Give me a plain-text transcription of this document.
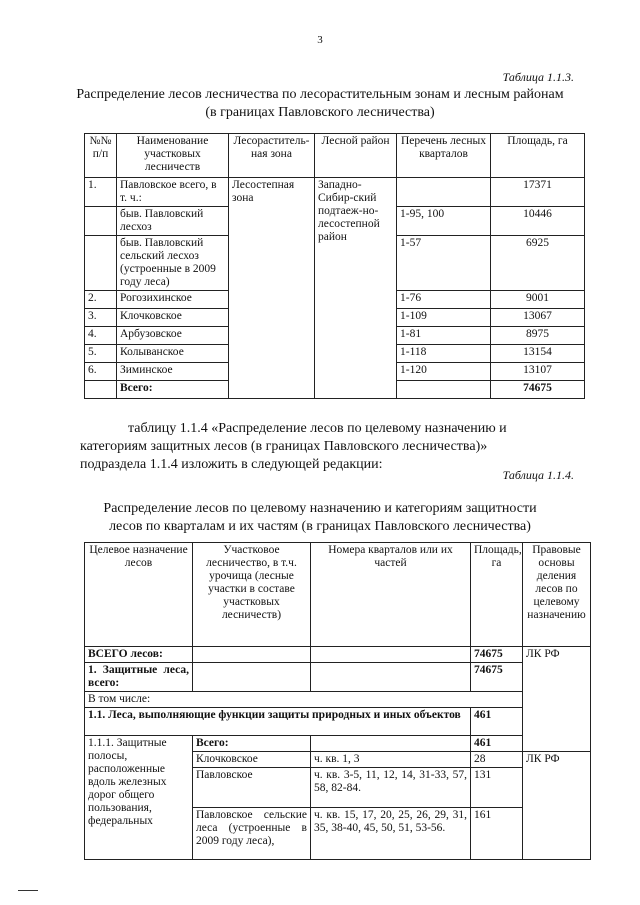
3
Таблица 1.1.3.
Распределение лесов лесничества по лесорастительным зонам и лесным районам
(в границах Павловского лесничества)
№№ п/п	Наименование участковых лесничеств	Лесораститель-ная зона	Лесной район	Перечень лесных кварталов	Площадь, га
1.	Павловское всего, в т. ч.:	Лесостепная зона	Западно-Сибир-ский подтаеж-но-лесостепной район		17371
	быв. Павловский лесхоз			1-95, 100	10446
	быв. Павловский сельский лесхоз (устроенные в 2009 году леса)			1-57	6925
2.	Рогозихинское			1-76	9001
3.	Клочковское			1-109	13067
4.	Арбузовское			1-81	8975
5.	Колыванское			1-118	13154
6.	Зиминское			1-120	13107
	Всего:				74675
таблицу 1.1.4 «Распределение лесов по целевому назначению и
категориям защитных лесов (в границах Павловского лесничества)»
подраздела 1.1.4 изложить в следующей редакции:
Таблица 1.1.4.
Распределение лесов по целевому назначению и категориям защитности
лесов по кварталам и их частям (в границах Павловского лесничества)
Целевое назначение лесов	Участковое лесничество, в т.ч. урочища (лесные участки в составе участковых лесничеств)	Номера кварталов или их частей	Площадь, га	Правовые основы деления лесов по целевому назначению
ВСЕГО лесов:			74675	ЛК РФ
1. Защитные леса, всего:			74675	
В том числе:				
1.1. Леса, выполняющие функции защиты природных и иных объектов			461	
1.1.1. Защитные полосы, расположенные вдоль железных дорог общего пользования, федеральных	Всего:		461	
	Клочковское	ч. кв. 1, 3	28	ЛК РФ
	Павловское	ч. кв. 3-5, 11, 12, 14, 31-33, 57, 58, 82-84.	131	
	Павловское сельские леса (устроенные в 2009 году леса),	ч. кв. 15, 17, 20, 25, 26, 29, 31, 35, 38-40, 45, 50, 51, 53-56.	161	
